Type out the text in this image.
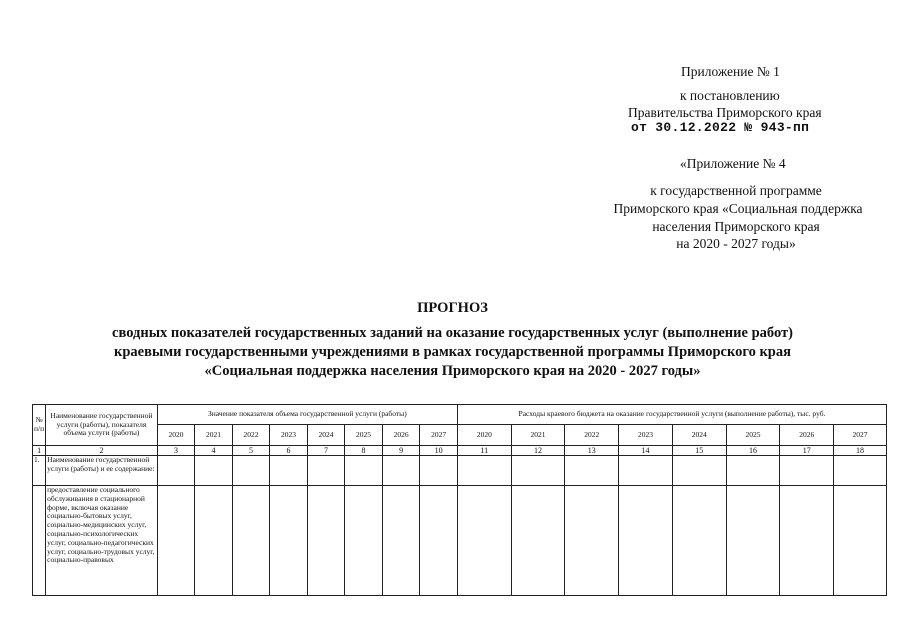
Приложение № 1
к постановлению
Правительства Приморского края
от 30.12.2022 № 943-пп
«Приложение № 4
к государственной программе
Приморского края «Социальная поддержка
населения Приморского края
на 2020 - 2027 годы»
ПРОГНОЗ
сводных показателей государственных заданий на оказание государственных услуг (выполнение работ)
краевыми государственными учреждениями в рамках государственной программы Приморского края
«Социальная поддержка населения Приморского края на 2020 - 2027 годы»
№ п/п	Наименование государственной услуги (работы), показателя объема услуги (работы)	Значение показателя объема государственной услуги (работы)								Расходы краевого бюджета на оказание государственной услуги (выполнение работы), тыс. руб.							
		2020	2021	2022	2023	2024	2025	2026	2027	2020	2021	2022	2023	2024	2025	2026	2027
1	2	3	4	5	6	7	8	9	10	11	12	13	14	15	16	17	18
1.	Наименование государственной услуги (работы) и ее содержание:																
	предоставление социального обслуживания в стационарной форме, включая оказание социально-бытовых услуг, социально-медицинских услуг, социально-психологических услуг, социально-педагогических услуг, социально-трудовых услуг, социально-правовых																
